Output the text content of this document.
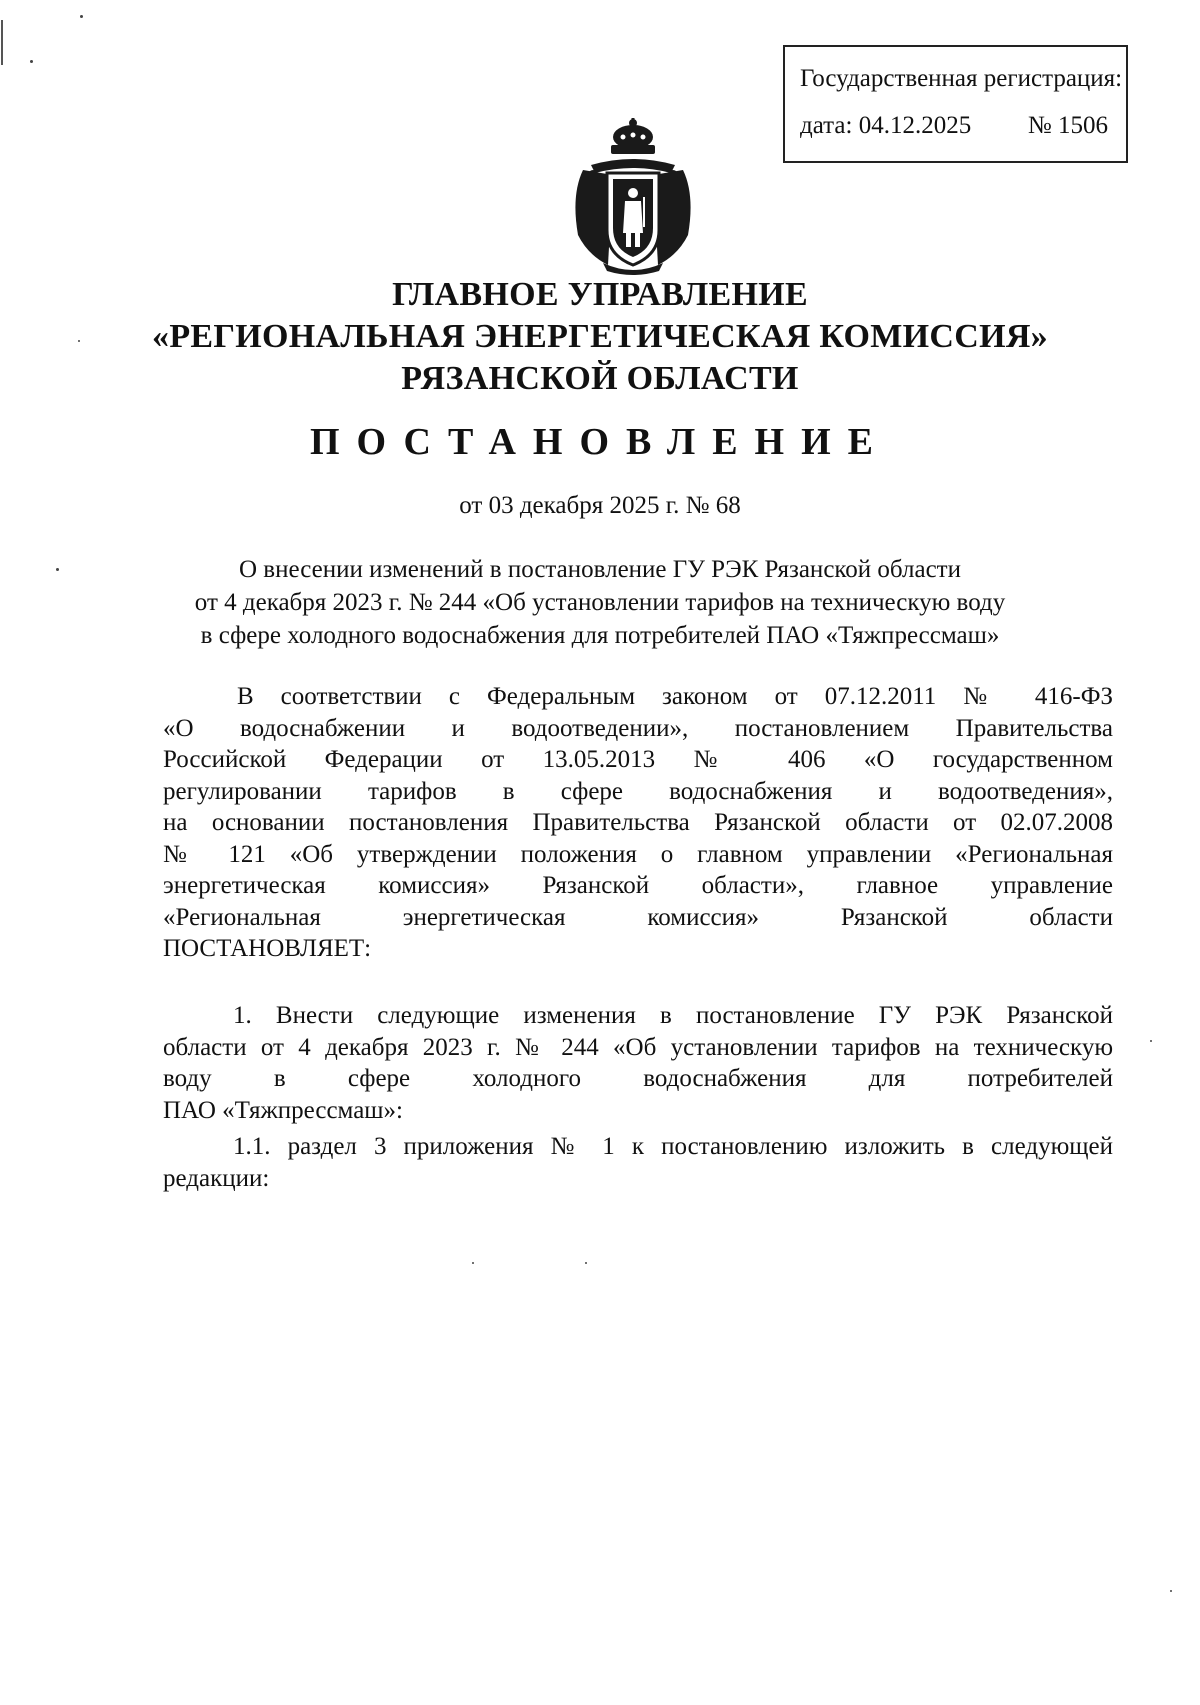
Государственная регистрация:
дата: 04.12.2025 № 1506
ГЛАВНОЕ УПРАВЛЕНИЕ
«РЕГИОНАЛЬНАЯ ЭНЕРГЕТИЧЕСКАЯ КОМИССИЯ»
РЯЗАНСКОЙ ОБЛАСТИ
ПОСТАНОВЛЕНИЕ
от 03 декабря 2025 г. № 68
О внесении изменений в постановление ГУ РЭК Рязанской области
от 4 декабря 2023 г. № 244 «Об установлении тарифов на техническую воду
в сфере холодного водоснабжения для потребителей ПАО «Тяжпрессмаш»
В соответствии с Федеральным законом от 07.12.2011 № 416-ФЗ
«О водоснабжении и водоотведении», постановлением Правительства
Российской Федерации от 13.05.2013 № 406 «О государственном
регулировании тарифов в сфере водоснабжения и водоотведения»,
на основании постановления Правительства Рязанской области от 02.07.2008
№ 121 «Об утверждении положения о главном управлении «Региональная
энергетическая комиссия» Рязанской области», главное управление
«Региональная энергетическая комиссия» Рязанской области
ПОСТАНОВЛЯЕТ:
1. Внести следующие изменения в постановление ГУ РЭК Рязанской
области от 4 декабря 2023 г. № 244 «Об установлении тарифов на техническую
воду в сфере холодного водоснабжения для потребителей
ПАО «Тяжпрессмаш»:
1.1. раздел 3 приложения № 1 к постановлению изложить в следующей
редакции:
